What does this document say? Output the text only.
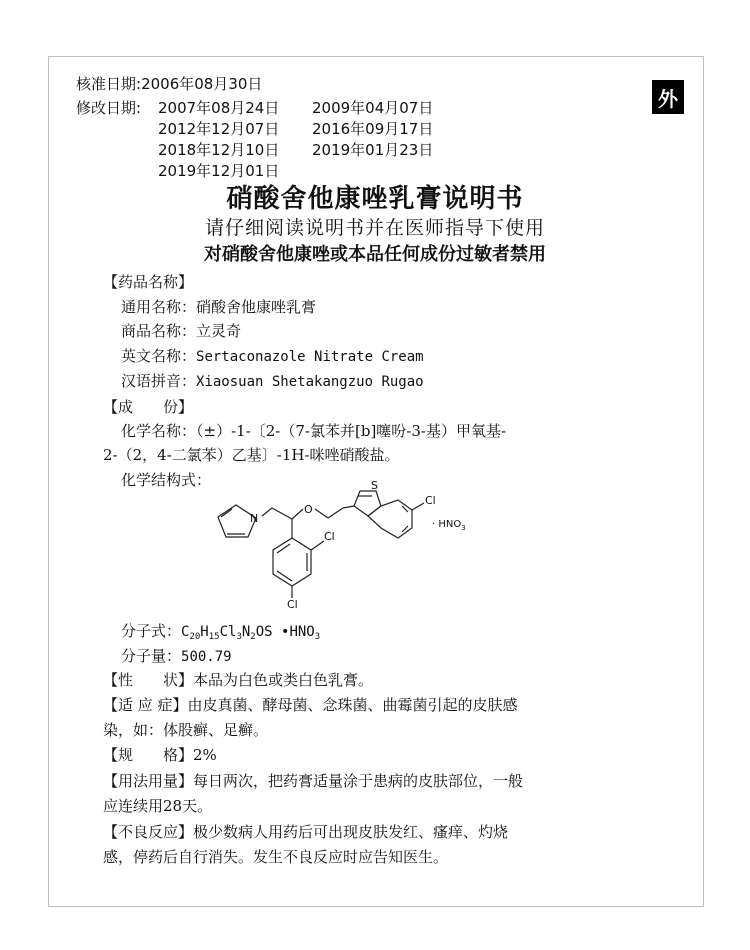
核准日期:2006年08月30日
修改日期: 2007年08月24日 2009年04月07日
2012年12月07日 2016年09月17日
2018年12月10日 2019年01月23日
2019年12月01日
外
硝酸舍他康唑乳膏说明书
请仔细阅读说明书并在医师指导下使用
对硝酸舍他康唑或本品任何成份过敏者禁用
【药品名称】
通用名称：硝酸舍他康唑乳膏
商品名称：立灵奇
英文名称：Sertaconazole Nitrate Cream
汉语拼音：Xiaosuan Shetakangzuo Rugao
【成　　份】
化学名称：（±）-1-〔2-（7-氯苯并[b]噻吩-3-基）甲氧基-
2-（2，4-二氯苯）乙基〕-1H-咪唑硝酸盐。
化学结构式：	S
Cl
O
N
Cl
Cl
· $HNO_3$
分子式：$C_{20}H_{15}Cl_3N_2OS$ $•HNO_3$
分子量：500.79
【性　　状】本品为白色或类白色乳膏。
【适 应 症】由皮真菌、酵母菌、念珠菌、曲霉菌引起的皮肤感
染，如：体股癣、足癣。
【规　　格】2%
【用法用量】每日两次，把药膏适量涂于患病的皮肤部位，一般
应连续用28天。
【不良反应】极少数病人用药后可出现皮肤发红、瘙痒、灼烧
感，停药后自行消失。发生不良反应时应告知医生。
